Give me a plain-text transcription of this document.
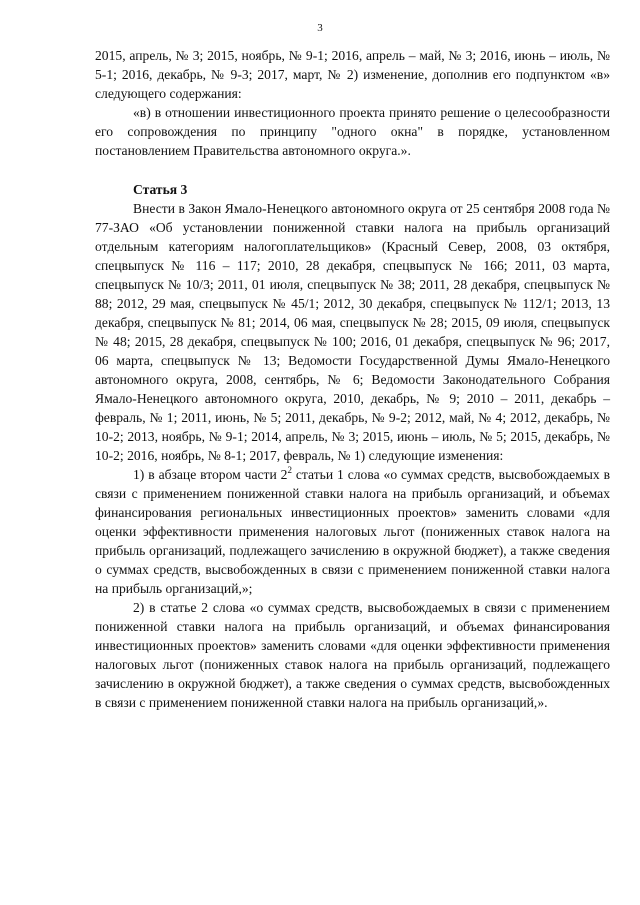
3

2015, апрель, № 3; 2015, ноябрь, № 9-1; 2016, апрель – май, № 3; 2016, июнь – июль, № 5-1; 2016, декабрь, № 9-3; 2017, март, № 2) изменение, дополнив его подпунктом «в» следующего содержания:

«в) в отношении инвестиционного проекта принято решение о целесообразности его сопровождения по принципу "одного окна" в порядке, установленном постановлением Правительства автономного округа.».

Статья 3

Внести в Закон Ямало-Ненецкого автономного округа от 25 сентября 2008 года № 77-ЗАО «Об установлении пониженной ставки налога на прибыль организаций отдельным категориям налогоплательщиков» (Красный Север, 2008, 03 октября, спецвыпуск № 116 – 117; 2010, 28 декабря, спецвыпуск № 166; 2011, 03 марта, спецвыпуск № 10/3; 2011, 01 июля, спецвыпуск № 38; 2011, 28 декабря, спецвыпуск № 88; 2012, 29 мая, спецвыпуск № 45/1; 2012, 30 декабря, спецвыпуск № 112/1; 2013, 13 декабря, спецвыпуск № 81; 2014, 06 мая, спецвыпуск № 28; 2015, 09 июля, спецвыпуск № 48; 2015, 28 декабря, спецвыпуск № 100; 2016, 01 декабря, спецвыпуск № 96; 2017, 06 марта, спецвыпуск № 13; Ведомости Государственной Думы Ямало-Ненецкого автономного округа, 2008, сентябрь, № 6; Ведомости Законодательного Собрания Ямало-Ненецкого автономного округа, 2010, декабрь, № 9; 2010 – 2011, декабрь – февраль, № 1; 2011, июнь, № 5; 2011, декабрь, № 9-2; 2012, май, № 4; 2012, декабрь, № 10-2; 2013, ноябрь, № 9-1; 2014, апрель, № 3; 2015, июнь – июль, № 5; 2015, декабрь, № 10-2; 2016, ноябрь, № 8-1; 2017, февраль, № 1) следующие изменения:

1) в абзаце втором части $2^2$ статьи 1 слова «о суммах средств, высвобождаемых в связи с применением пониженной ставки налога на прибыль организаций, и объемах финансирования региональных инвестиционных проектов» заменить словами «для оценки эффективности применения налоговых льгот (пониженных ставок налога на прибыль организаций, подлежащего зачислению в окружной бюджет), а также сведения о суммах средств, высвобожденных в связи с применением пониженной ставки налога на прибыль организаций,»;

2) в статье 2 слова «о суммах средств, высвобождаемых в связи с применением пониженной ставки налога на прибыль организаций, и объемах финансирования инвестиционных проектов» заменить словами «для оценки эффективности применения налоговых льгот (пониженных ставок налога на прибыль организаций, подлежащего зачислению в окружной бюджет), а также сведения о суммах средств, высвобожденных в связи с применением пониженной ставки налога на прибыль организаций,».
